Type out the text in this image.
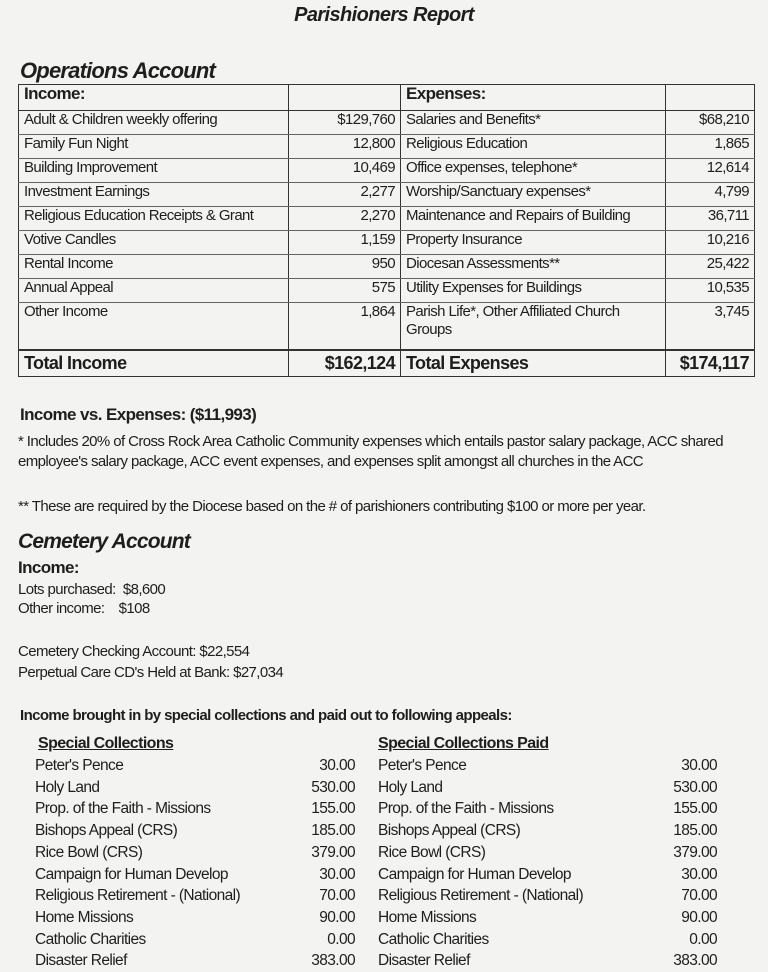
Parishioners Report
Operations Account
Income:		Expenses:	
Adult & Children weekly offering	$129,760	Salaries and Benefits*	$68,210
Family Fun Night	12,800	Religious Education	1,865
Building Improvement	10,469	Office expenses, telephone*	12,614
Investment Earnings	2,277	Worship/Sanctuary expenses*	4,799
Religious Education Receipts & Grant	2,270	Maintenance and Repairs of Building	36,711
Votive Candles	1,159	Property Insurance	10,216
Rental Income	950	Diocesan Assessments**	25,422
Annual Appeal	575	Utility Expenses for Buildings	10,535
Other Income	1,864	Parish Life*, Other Affiliated Church Groups	3,745
Total Income	$162,124	Total Expenses	$174,117
Income vs. Expenses: ($11,993)
* Includes 20% of Cross Rock Area Catholic Community expenses which entails pastor salary package, ACC shared employee's salary package, ACC event expenses, and expenses split amongst all churches in the ACC
** These are required by the Diocese based on the # of parishioners contributing $100 or more per year.
Cemetery Account
Income:
Lots purchased:  $8,600
Other income:    $108
Cemetery Checking Account: $22,554
Perpetual Care CD's Held at Bank: $27,034
Income brought in by special collections and paid out to following appeals:
Special Collections	Special Collections Paid
Peter's Pence	30.00 Peter's Pence	30.00
Holy Land	530.00 Holy Land	530.00
Prop. of the Faith - Missions	155.00 Prop. of the Faith - Missions	155.00
Bishops Appeal (CRS)	185.00 Bishops Appeal (CRS)	185.00
Rice Bowl (CRS)	379.00 Rice Bowl (CRS)	379.00
Campaign for Human Develop	30.00 Campaign for Human Develop	30.00
Religious Retirement - (National)	70.00 Religious Retirement - (National)	70.00
Home Missions	90.00 Home Missions	90.00
Catholic Charities	0.00 Catholic Charities	0.00
Disaster Relief	383.00 Disaster Relief	383.00
